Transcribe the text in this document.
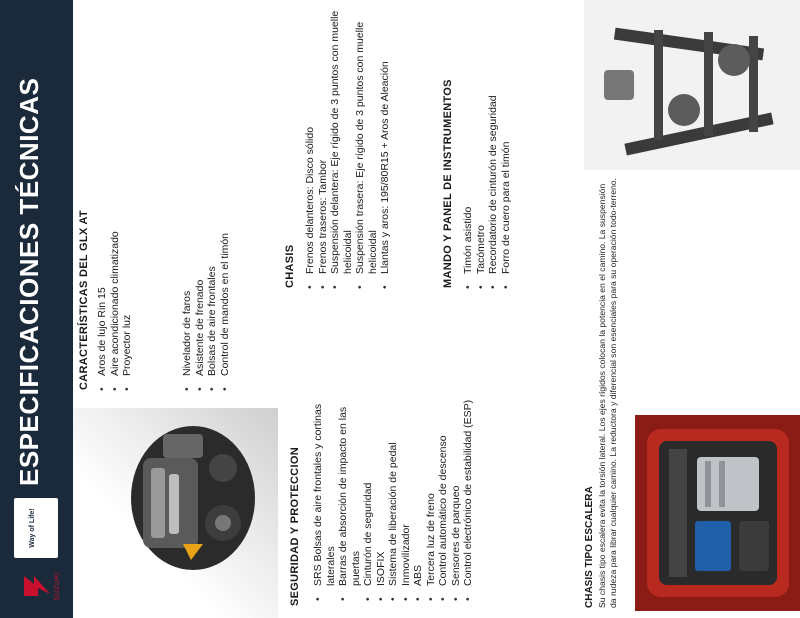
SUZUKI
Way of Life!
ESPECIFICACIONES TÉCNICAS	CARACTERÍSTICAS DEL GLX AT • Aros de lujo Rin 15 • Aire acondicionado climatizado • Proyector luz	• Nivelador de faros • Asistente de frenado • Bolsas de aire frontales • Control de mandos en el timón	CHASIS • Frenos delanteros: Disco sólido • Frenos traseros: Tambor • Suspensión delantera: Eje rígido de 3 puntos con muelle helicoidal • Suspensión trasera: Eje rígido de 3 puntos con muelle helicoidal • Llantas y aros: 195/80R15 + Aros de Aleación	MANDO Y PANEL DE INSTRUMENTOS • Timón asistido • Tacómetro • Recordatorio de cinturón de seguridad • Forro de cuero para el timón
SEGURIDAD Y PROTECCION • SRS Bolsas de aire frontales y cortinas laterales • Barras de absorción de impacto en las puertas • Cinturón de seguridad • ISOFIX • Sistema de liberación de pedal • Inmovilizador • ABS • Tercera luz de freno • Control automático de descenso • Sensores de parqueo • Control electrónico de estabilidad (ESP)	CHASIS TIPO ESCALERA Su chasis tipo escalera evita la torsión lateral. Los ejes rígidos colocan la potencia en el camino. La suspensión da rudeza para librar cualquier camino. La reductora y diferencial son esenciales para su operación todo-terreno.
